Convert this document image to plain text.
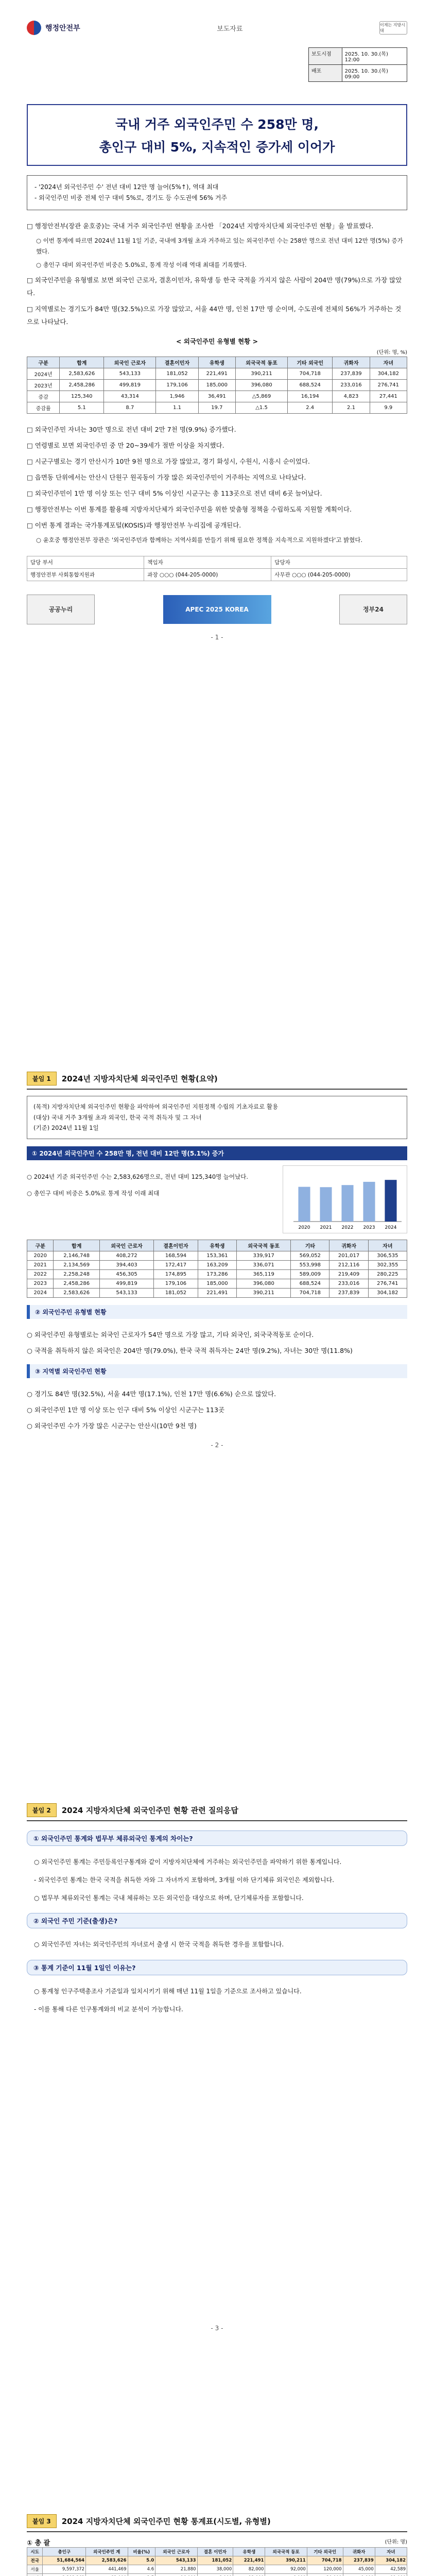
행정안전부	보도자료	이제는 지방시대
보도시점	2025. 10. 30.(목) 12:00
배포	2025. 10. 30.(목) 09:00
국내 거주 외국인주민 수 258만 명,
총인구 대비 5%, 지속적인 증가세 이어가

- '2024년 외국인주민 수' 전년 대비 12만 명 늘어(5%↑), 역대 최대

- 외국인주민 비중 전체 인구 대비 5%로, 경기도 등 수도권에 56% 거주

□ 행정안전부(장관 윤호중)는 국내 거주 외국인주민 현황을 조사한 「2024년 지방자치단체 외국인주민 현황」을 발표했다.

○ 이번 통계에 따르면 2024년 11월 1일 기준, 국내에 3개월 초과 거주하고 있는 외국인주민 수는 258만 명으로 전년 대비 12만 명(5%) 증가했다.

○ 총인구 대비 외국인주민 비중은 5.0%로, 통계 작성 이래 역대 최대를 기록했다.

□ 외국인주민을 유형별로 보면 외국인 근로자, 결혼이민자, 유학생 등 한국 국적을 가지지 않은 사람이 204만 명(79%)으로 가장 많았다.

□ 지역별로는 경기도가 84만 명(32.5%)으로 가장 많았고, 서울 44만 명, 인천 17만 명 순이며, 수도권에 전체의 56%가 거주하는 것으로 나타났다.

< 외국인주민 유형별 현황 >
(단위: 명, %)
구분	합계	외국인 근로자	결혼이민자	유학생	외국국적 동포	기타 외국인	귀화자	자녀
2024년	2,583,626	543,133	181,052	221,491	390,211	704,718	237,839	304,182
2023년	2,458,286	499,819	179,106	185,000	396,080	688,524	233,016	276,741
증감	125,340	43,314	1,946	36,491	△5,869	16,194	4,823	27,441
증감률	5.1	8.7	1.1	19.7	△1.5	2.4	2.1	9.9

□ 외국인주민 자녀는 30만 명으로 전년 대비 2만 7천 명(9.9%) 증가했다.

□ 연령별로 보면 외국인주민 중 만 20~39세가 절반 이상을 차지했다.

□ 시군구별로는 경기 안산시가 10만 9천 명으로 가장 많았고, 경기 화성시, 수원시, 시흥시 순이었다.

□ 읍면동 단위에서는 안산시 단원구 원곡동이 가장 많은 외국인주민이 거주하는 지역으로 나타났다.

□ 외국인주민이 1만 명 이상 또는 인구 대비 5% 이상인 시군구는 총 113곳으로 전년 대비 6곳 늘어났다.

□ 행정안전부는 이번 통계를 활용해 지방자치단체가 외국인주민을 위한 맞춤형 정책을 수립하도록 지원할 계획이다.

□ 이번 통계 결과는 국가통계포털(KOSIS)과 행정안전부 누리집에 공개된다.

○ 윤호중 행정안전부 장관은 '외국인주민과 함께하는 지역사회를 만들기 위해 필요한 정책을 지속적으로 지원하겠다'고 밝혔다.

담당 부서	책임자	담당자
행정안전부 사회통합지원과	과장 ○○○ (044-205-0000)	사무관 ○○○ (044-205-0000)
공공누리	APEC 2025 KOREA	정부24
- 1 -
붙임 1	2024년 지방자치단체 외국인주민 현황(요약)
(목적) 지방자치단체 외국인주민 현황을 파악하여 외국인주민 지원정책 수립의 기초자료로 활용
(대상) 국내 거주 3개월 초과 외국인, 한국 국적 취득자 및 그 자녀
(기준) 2024년 11월 1일
① 2024년 외국인주민 수 258만 명, 전년 대비 12만 명(5.1%) 증가

○ 2024년 기준 외국인주민 수는 2,583,626명으로, 전년 대비 125,340명 늘어났다.

○ 총인구 대비 비중은 5.0%로 통계 작성 이래 최대

2020 2021 2022 2023 2024
구분	합계	외국인 근로자	결혼이민자	유학생	외국국적 동포	기타	귀화자	자녀
2020	2,146,748	408,272	168,594	153,361	339,917	569,052	201,017	306,535
2021	2,134,569	394,403	172,417	163,209	336,071	553,998	212,116	302,355
2022	2,258,248	456,305	174,895	173,286	365,119	589,009	219,409	280,225
2023	2,458,286	499,819	179,106	185,000	396,080	688,524	233,016	276,741
2024	2,583,626	543,133	181,052	221,491	390,211	704,718	237,839	304,182
② 외국인주민 유형별 현황

○ 외국인주민 유형별로는 외국인 근로자가 54만 명으로 가장 많고, 기타 외국인, 외국국적동포 순이다.

○ 국적을 취득하지 않은 외국인은 204만 명(79.0%), 한국 국적 취득자는 24만 명(9.2%), 자녀는 30만 명(11.8%)

③ 지역별 외국인주민 현황

○ 경기도 84만 명(32.5%), 서울 44만 명(17.1%), 인천 17만 명(6.6%) 순으로 많았다.

○ 외국인주민 1만 명 이상 또는 인구 대비 5% 이상인 시군구는 113곳

○ 외국인주민 수가 가장 많은 시군구는 안산시(10만 9천 명)

- 2 -
붙임 2	2024 지방자치단체 외국인주민 현황 관련 질의응답
① 외국인주민 통계와 법무부 체류외국인 통계의 차이는?

○ 외국인주민 통계는 주민등록인구통계와 같이 지방자치단체에 거주하는 외국인주민을 파악하기 위한 통계입니다.

- 외국인주민 통계는 한국 국적을 취득한 자와 그 자녀까지 포함하며, 3개월 이하 단기체류 외국인은 제외합니다.

○ 법무부 체류외국인 통계는 국내 체류하는 모든 외국인을 대상으로 하며, 단기체류자를 포함합니다.

② 외국인 주민 기준(출생)은?

○ 외국인주민 자녀는 외국인주민의 자녀로서 출생 시 한국 국적을 취득한 경우를 포함합니다.

③ 통계 기준이 11월 1일인 이유는?

○ 통계청 인구주택총조사 기준일과 일치시키기 위해 매년 11월 1일을 기준으로 조사하고 있습니다.

- 이를 통해 다른 인구통계와의 비교 분석이 가능합니다.

- 3 -
붙임 3	2024 지방자치단체 외국인주민 현황 통계표(시도별, 유형별)
① 총 괄	(단위: 명)
시도	총인구	외국인주민 계	비율(%)	외국인 근로자	결혼 이민자	유학생	외국국적 동포	기타 외국인	귀화자	자녀
전국	51,684,564	2,583,626	5.0	543,133	181,052	221,491	390,211	704,718	237,839	304,182
서울	9,597,372	441,469	4.6	21,880	38,000	82,000	92,000	120,000	45,000	42,589
